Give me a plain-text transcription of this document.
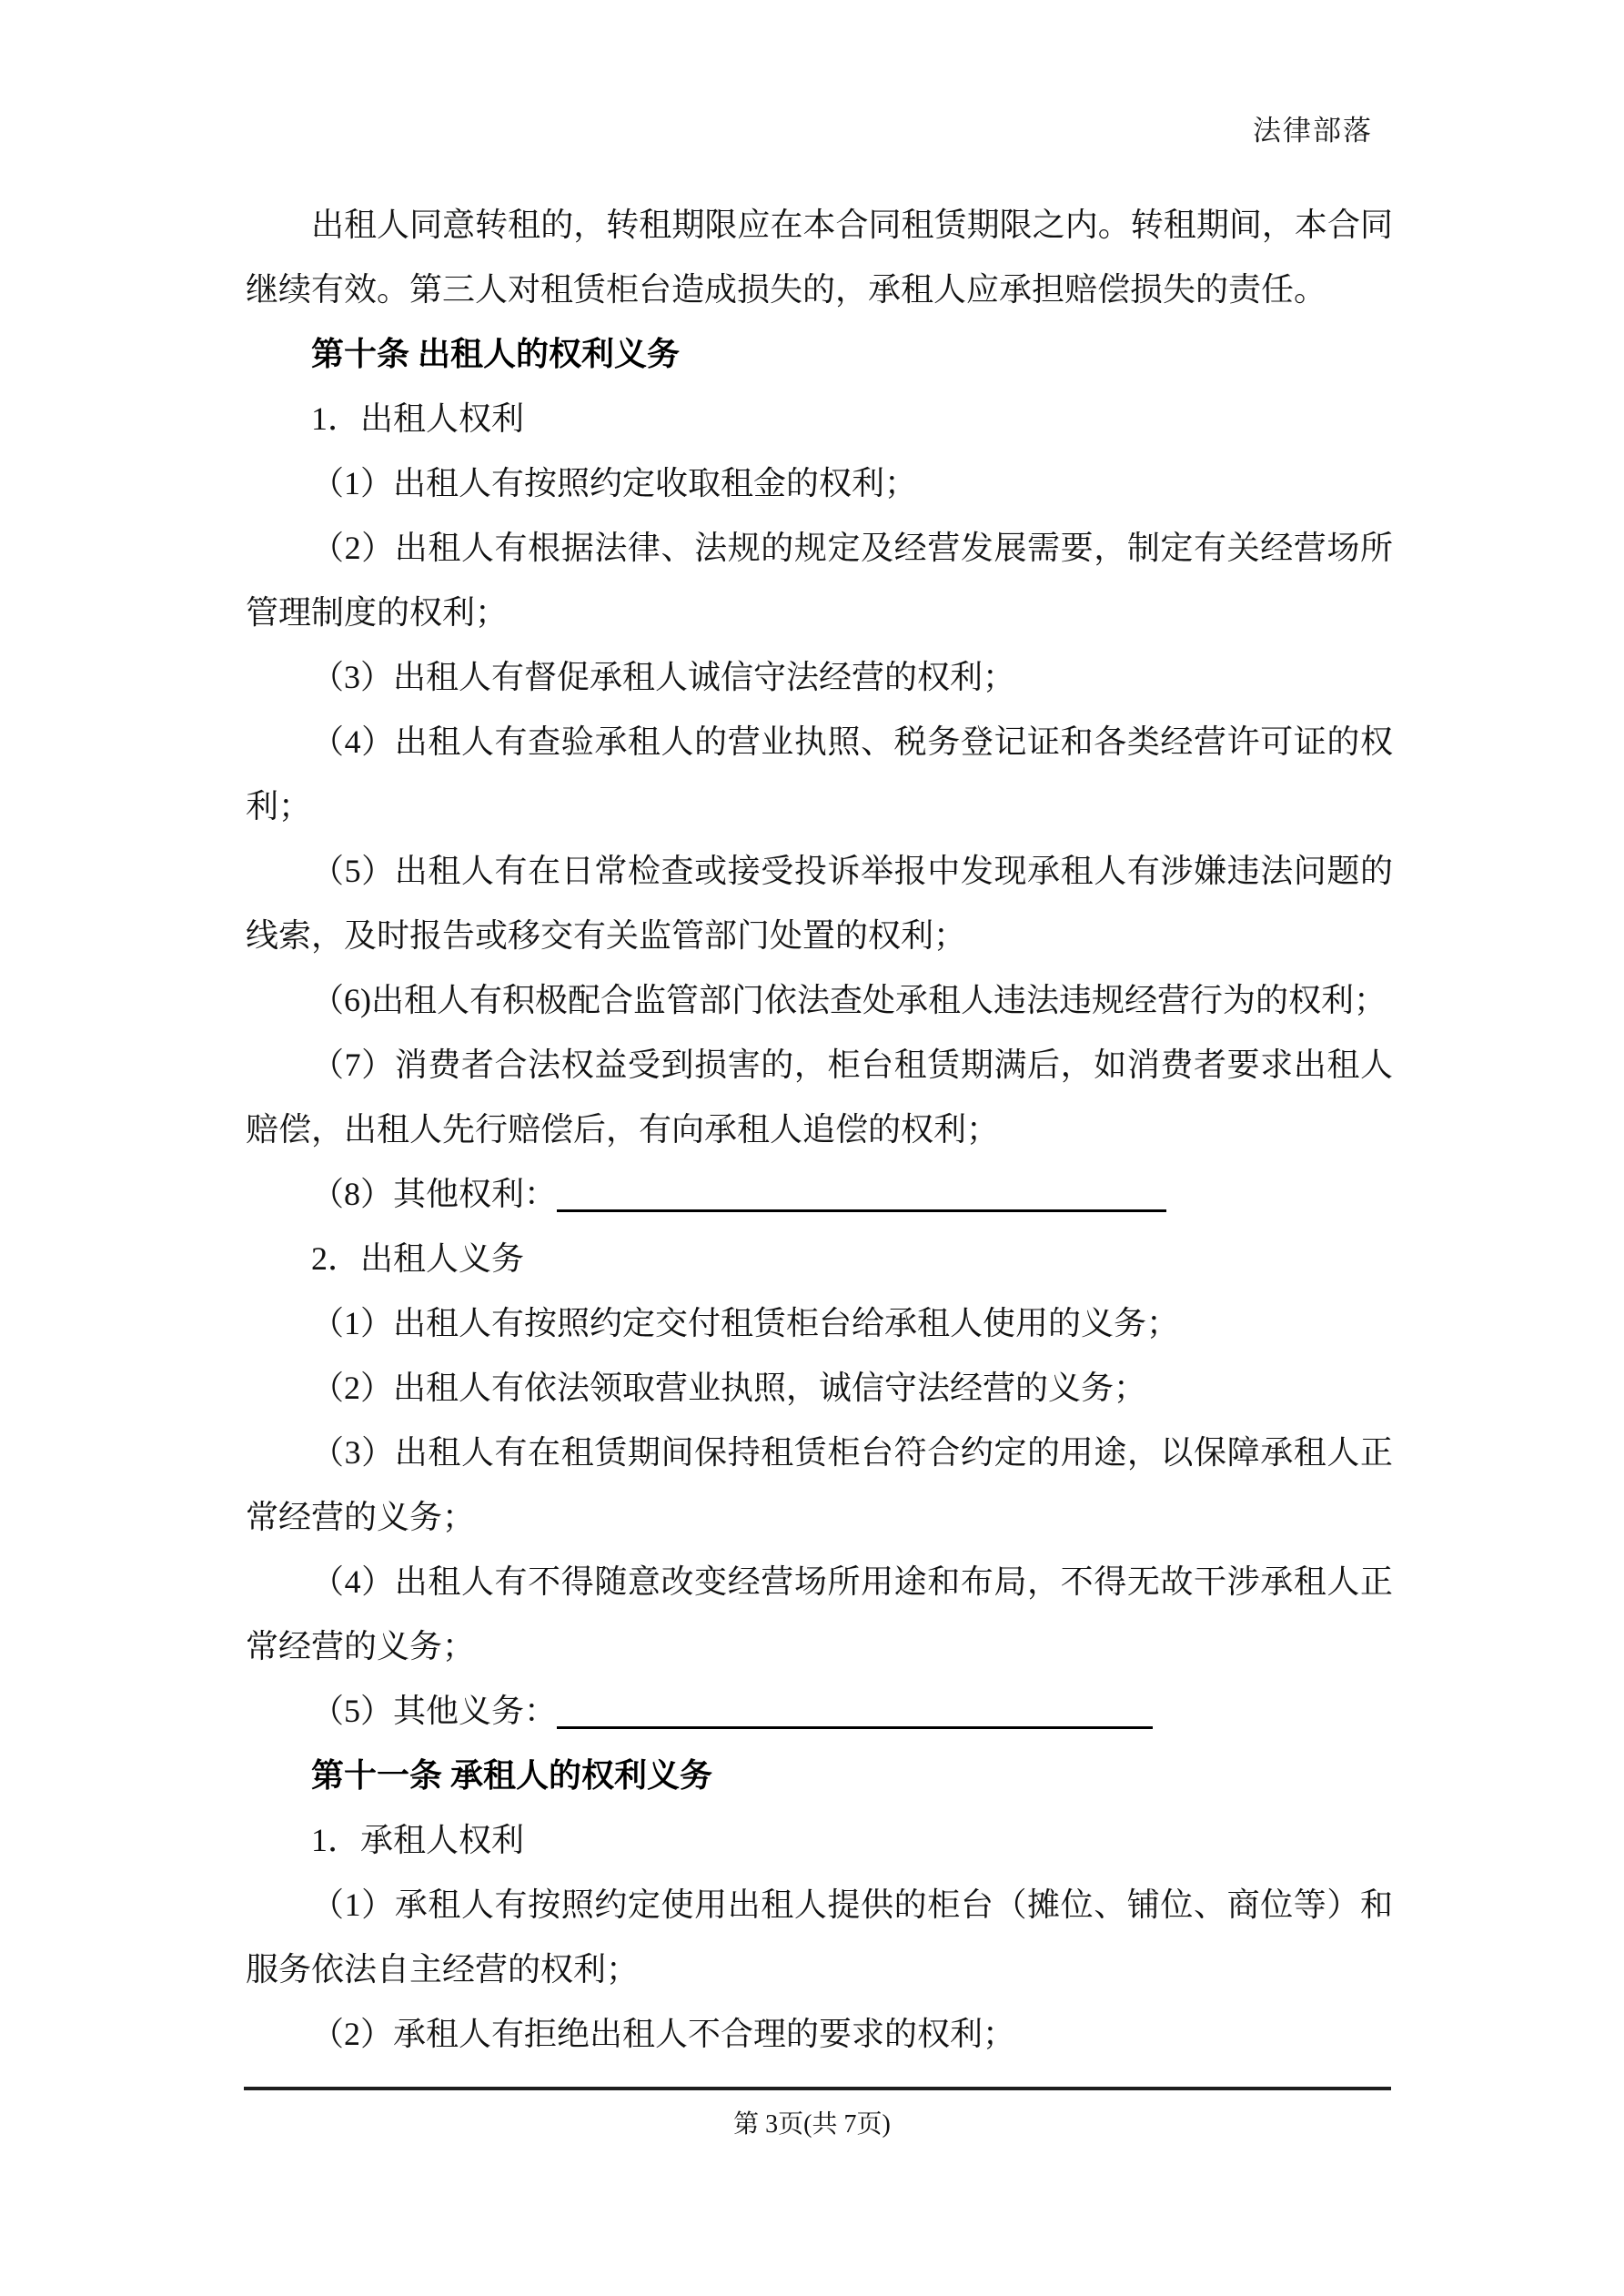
法律部落

出租人同意转租的，转租期限应在本合同租赁期限之内。转租期间，本合同继续有效。第三人对租赁柜台造成损失的，承租人应承担赔偿损失的责任。

第十条 出租人的权利义务

1．出租人权利

（1）出租人有按照约定收取租金的权利；

（2）出租人有根据法律、法规的规定及经营发展需要，制定有关经营场所管理制度的权利；

（3）出租人有督促承租人诚信守法经营的权利；

（4）出租人有查验承租人的营业执照、税务登记证和各类经营许可证的权利；

（5）出租人有在日常检查或接受投诉举报中发现承租人有涉嫌违法问题的线索，及时报告或移交有关监管部门处置的权利；

（6)出租人有积极配合监管部门依法查处承租人违法违规经营行为的权利；

（7）消费者合法权益受到损害的，柜台租赁期满后，如消费者要求出租人赔偿，出租人先行赔偿后，有向承租人追偿的权利；

（8）其他权利：

2．出租人义务

（1）出租人有按照约定交付租赁柜台给承租人使用的义务；

（2）出租人有依法领取营业执照，诚信守法经营的义务；

（3）出租人有在租赁期间保持租赁柜台符合约定的用途，以保障承租人正常经营的义务；

（4）出租人有不得随意改变经营场所用途和布局，不得无故干涉承租人正常经营的义务；

（5）其他义务：

第十一条 承租人的权利义务

1．承租人权利

（1）承租人有按照约定使用出租人提供的柜台（摊位、铺位、商位等）和服务依法自主经营的权利；

（2）承租人有拒绝出租人不合理的要求的权利；

第 3页(共 7页)
